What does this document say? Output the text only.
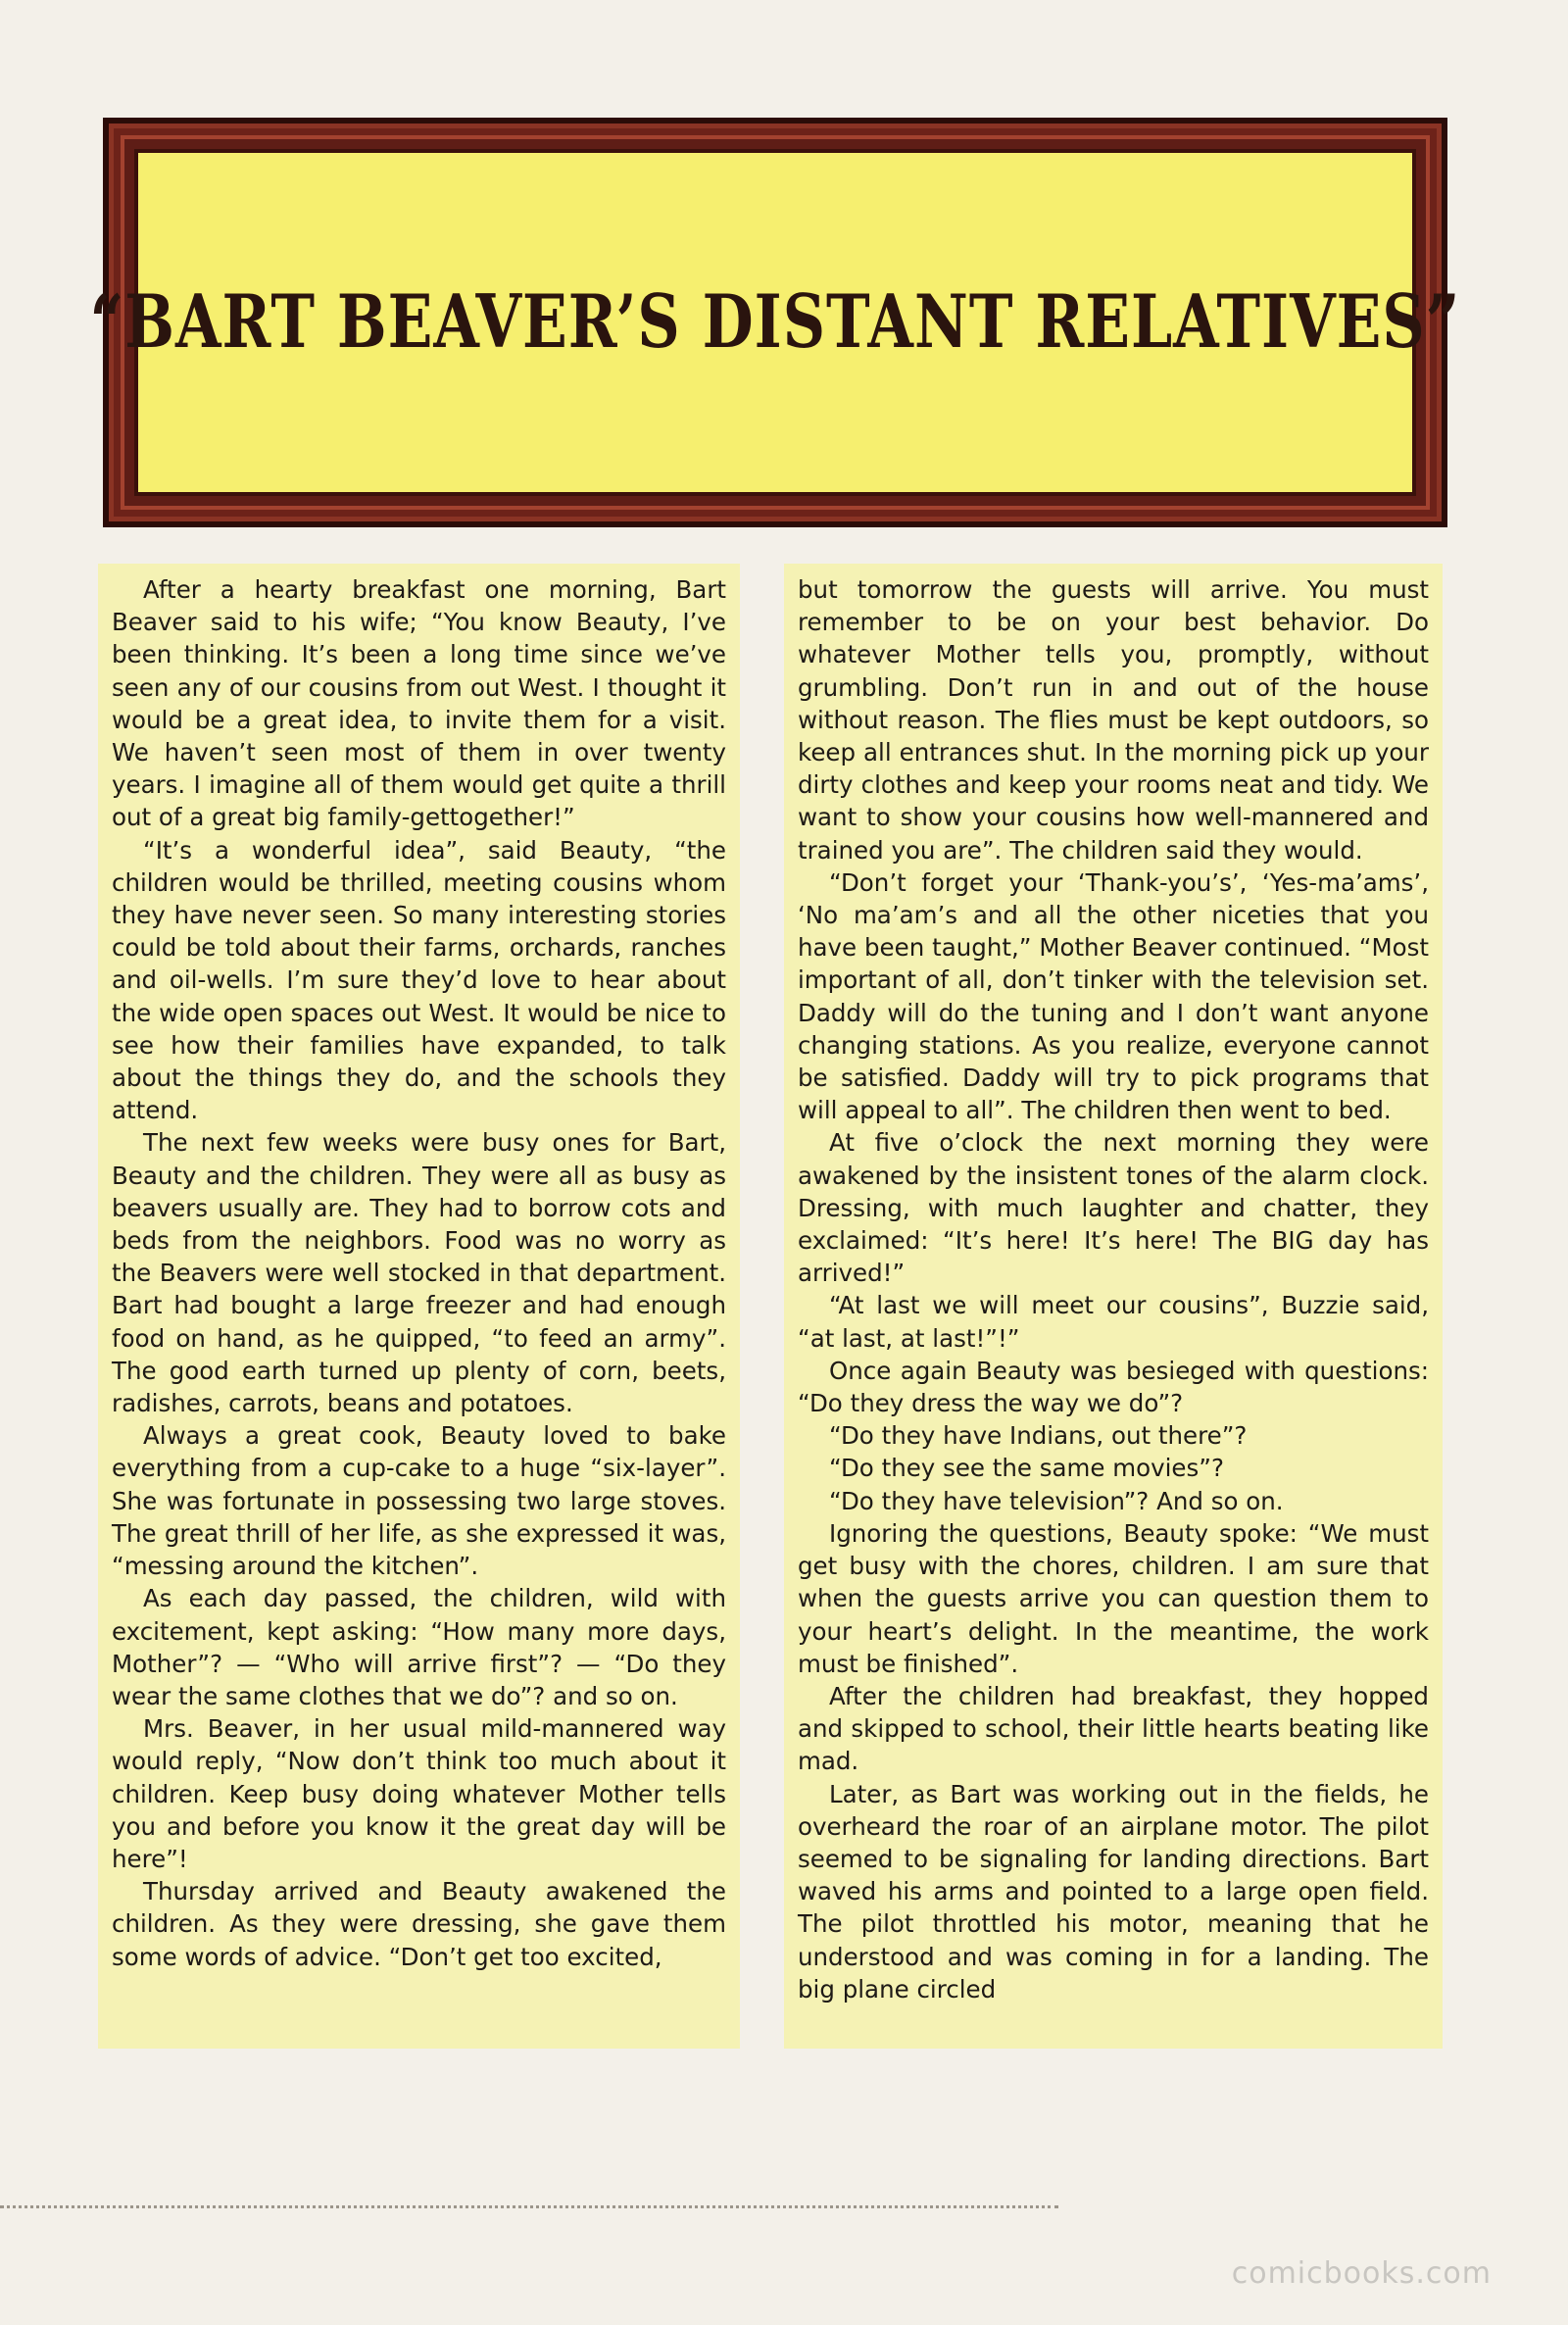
“BART BEAVER’S DISTANT RELATIVES”

After a hearty breakfast one morning, Bart Beaver said to his wife; “You know Beauty, I’ve been thinking. It’s been a long time since we’ve seen any of our cousins from out West. I thought it would be a great idea, to invite them for a visit. We haven’t seen most of them in over twenty years. I imagine all of them would get quite a thrill out of a great big family-gettogether!”

“It’s a wonderful idea”, said Beauty, “the children would be thrilled, meeting cousins whom they have never seen. So many interesting stories could be told about their farms, orchards, ranches and oil-wells. I’m sure they’d love to hear about the wide open spaces out West. It would be nice to see how their families have expanded, to talk about the things they do, and the schools they attend.

The next few weeks were busy ones for Bart, Beauty and the children. They were all as busy as beavers usually are. They had to borrow cots and beds from the neighbors. Food was no worry as the Beavers were well stocked in that department. Bart had bought a large freezer and had enough food on hand, as he quipped, “to feed an army”. The good earth turned up plenty of corn, beets, radishes, carrots, beans and potatoes.

Always a great cook, Beauty loved to bake everything from a cup-cake to a huge “six-layer”. She was fortunate in possessing two large stoves. The great thrill of her life, as she expressed it was, “messing around the kitchen”.

As each day passed, the children, wild with excitement, kept asking: “How many more days, Mother”? — “Who will arrive first”? — “Do they wear the same clothes that we do”? and so on.

Mrs. Beaver, in her usual mild-mannered way would reply, “Now don’t think too much about it children. Keep busy doing whatever Mother tells you and before you know it the great day will be here”!

Thursday arrived and Beauty awakened the children. As they were dressing, she gave them some words of advice. “Don’t get too excited,

but tomorrow the guests will arrive. You must remember to be on your best behavior. Do whatever Mother tells you, promptly, without grumbling. Don’t run in and out of the house without reason. The flies must be kept outdoors, so keep all entrances shut. In the morning pick up your dirty clothes and keep your rooms neat and tidy. We want to show your cousins how well-mannered and trained you are”. The children said they would.

“Don’t forget your ‘Thank-you’s’, ‘Yes-ma’ams’, ‘No ma’am’s and all the other niceties that you have been taught,” Mother Beaver continued. “Most important of all, don’t tinker with the television set. Daddy will do the tuning and I don’t want anyone changing stations. As you realize, everyone cannot be satisfied. Daddy will try to pick programs that will appeal to all”. The children then went to bed.

At five o’clock the next morning they were awakened by the insistent tones of the alarm clock. Dressing, with much laughter and chatter, they exclaimed: “It’s here! It’s here! The BIG day has arrived!”

“At last we will meet our cousins”, Buzzie said, “at last, at last!”!”

Once again Beauty was besieged with questions: “Do they dress the way we do”?

“Do they have Indians, out there”?

“Do they see the same movies”?

“Do they have television”? And so on.

Ignoring the questions, Beauty spoke: “We must get busy with the chores, children. I am sure that when the guests arrive you can question them to your heart’s delight. In the meantime, the work must be finished”.

After the children had breakfast, they hopped and skipped to school, their little hearts beating like mad.

Later, as Bart was working out in the fields, he overheard the roar of an airplane motor. The pilot seemed to be signaling for landing directions. Bart waved his arms and pointed to a large open field. The pilot throttled his motor, meaning that he understood and was coming in for a landing. The big plane circled

comicbooks.com
